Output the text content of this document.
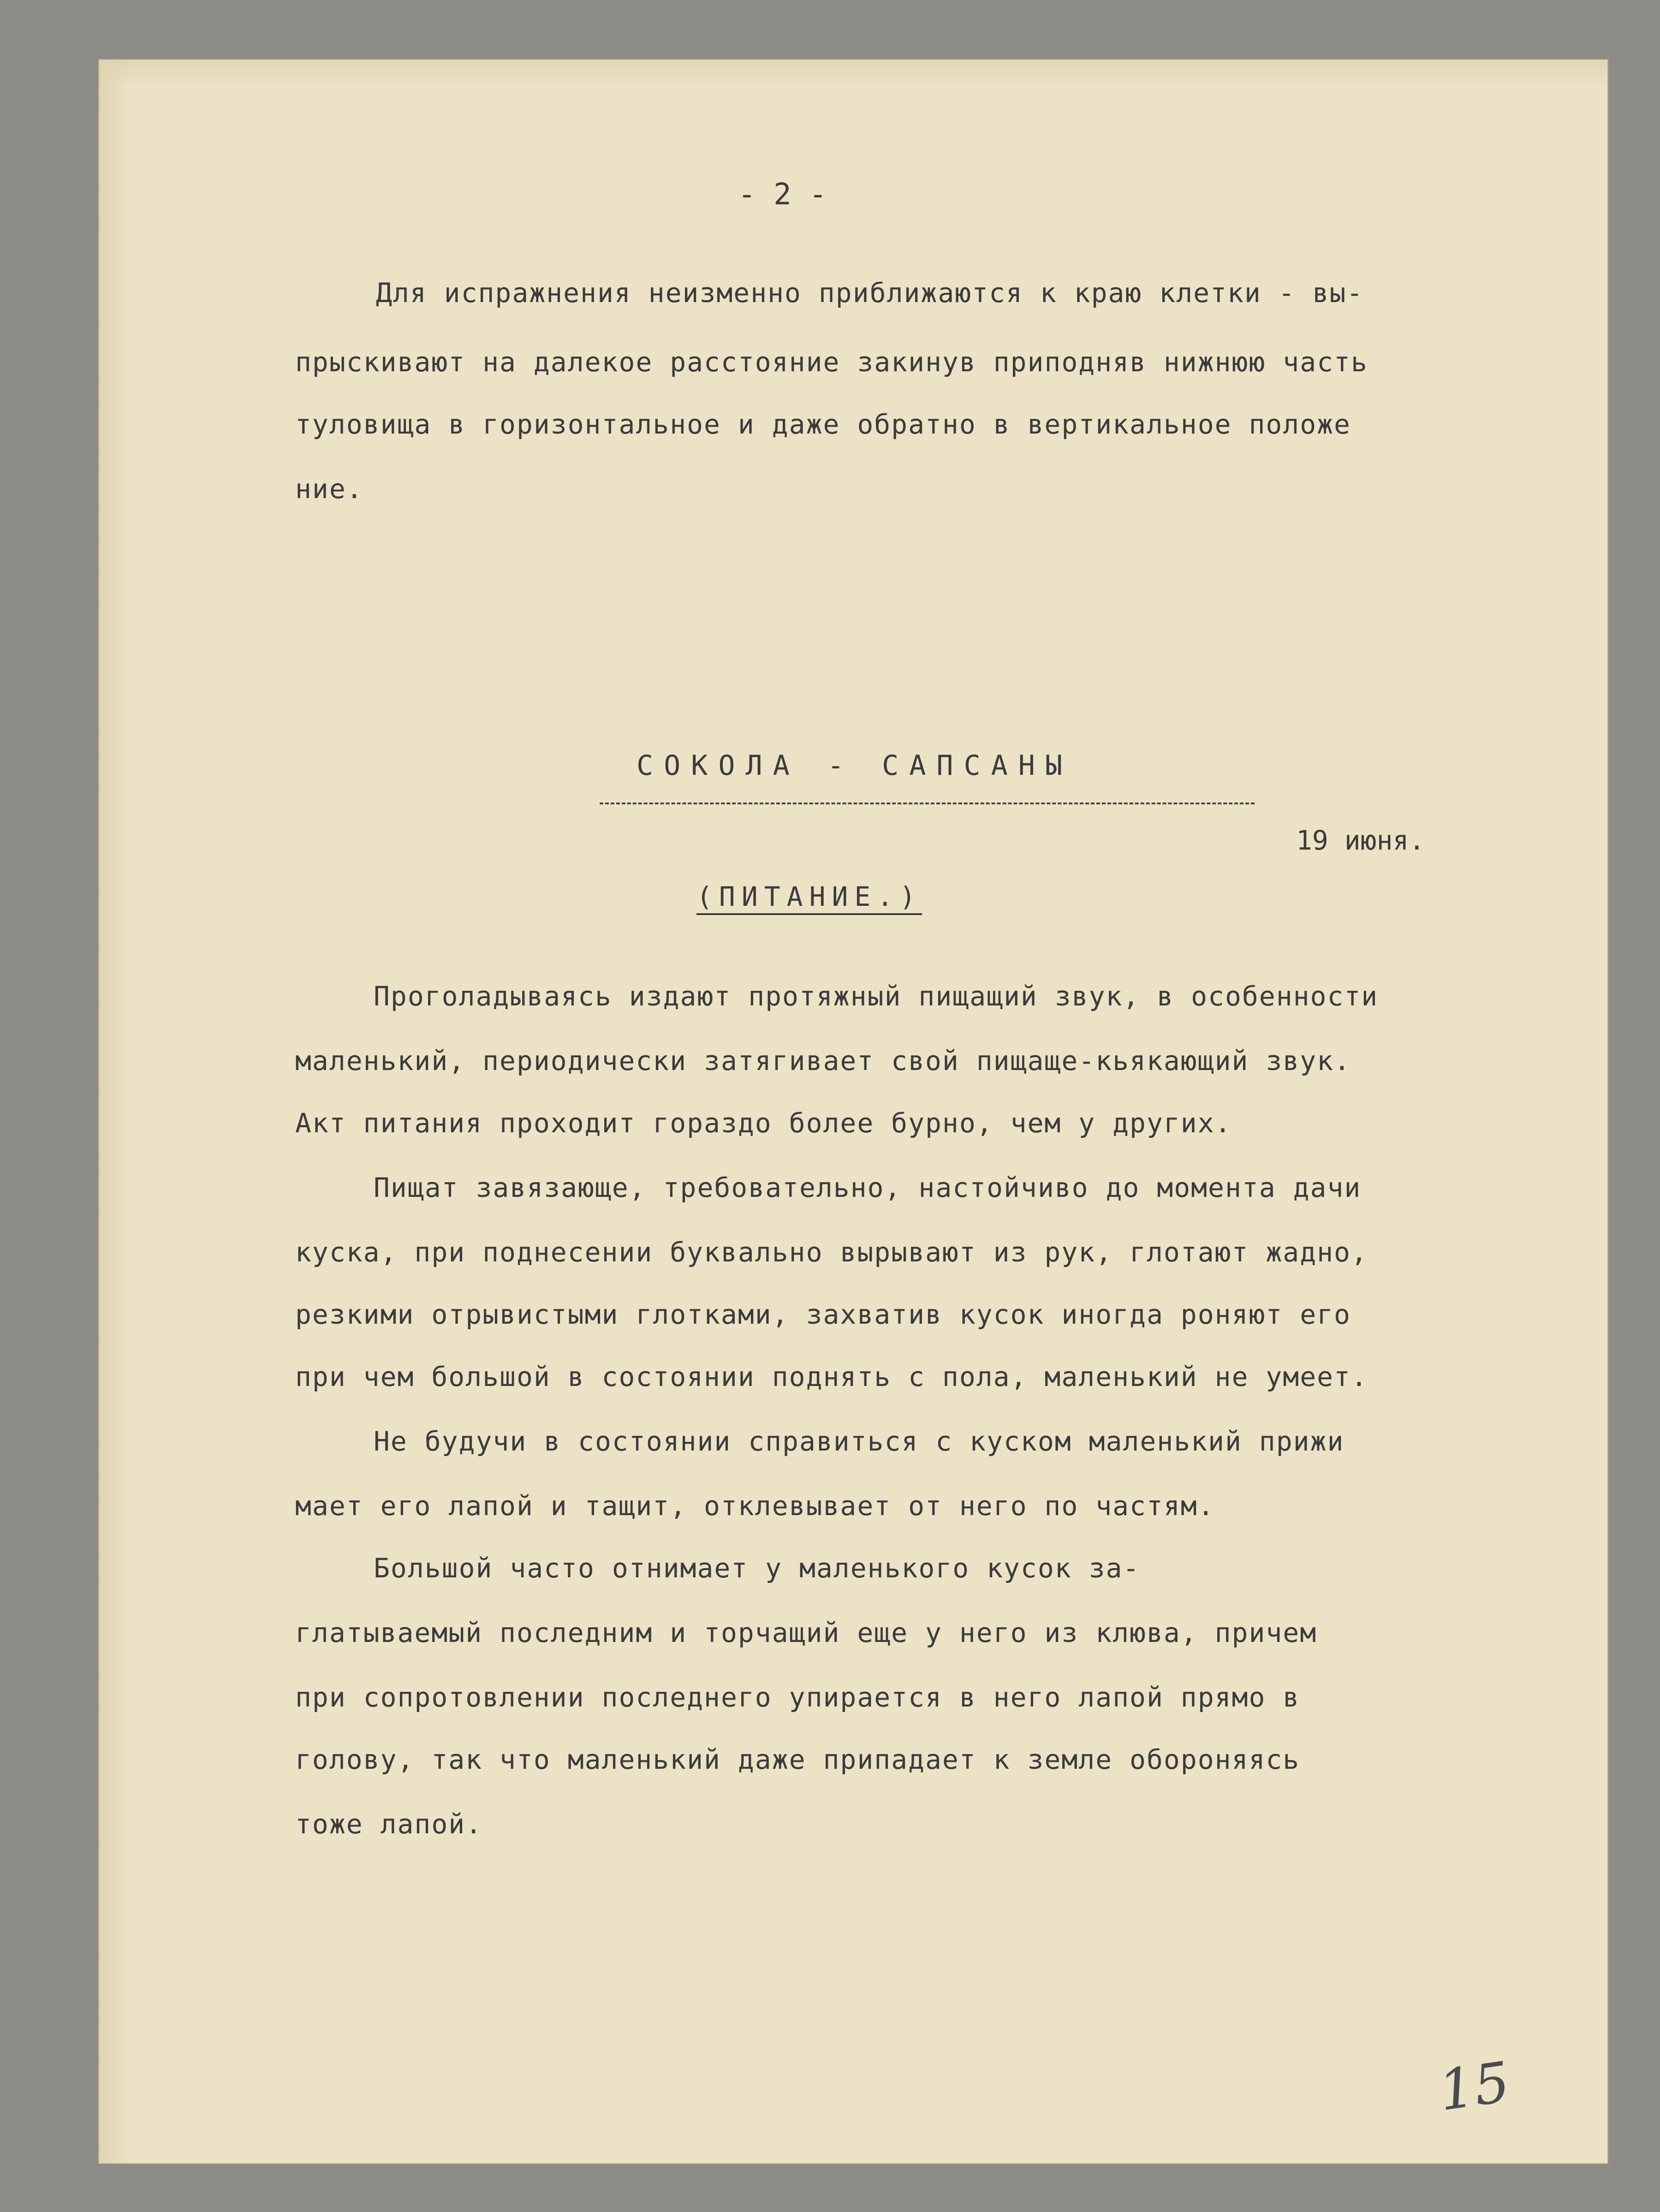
- 2 -
Для испражнения неизменно приближаются к краю клетки - вы-
прыскивают на далекое расстояние закинув приподняв нижнюю часть
туловища в горизонтальное и даже обратно в вертикальное положе
ние.
СОКОЛА - САПСАНЫ
19 июня.
(ПИТАНИЕ.)
Проголадываясь издают протяжный пищащий звук, в особенности
маленький, периодически затягивает свой пищаще-кьякающий звук.
Акт питания проходит гораздо более бурно, чем у других.
Пищат завязающе, требовательно, настойчиво до момента дачи
куска, при поднесении буквально вырывают из рук, глотают жадно,
резкими отрывистыми глотками, захватив кусок иногда роняют его
при чем большой в состоянии поднять с пола, маленький не умеет.
Не будучи в состоянии справиться с куском маленький прижи
мает его лапой и тащит, отклевывает от него по частям.
Большой часто отнимает у маленького кусок за-
глатываемый последним и торчащий еще у него из клюва, причем
при сопротовлении последнего упирается в него лапой прямо в
голову, так что маленький даже припадает к земле обороняясь
тоже лапой.
15
